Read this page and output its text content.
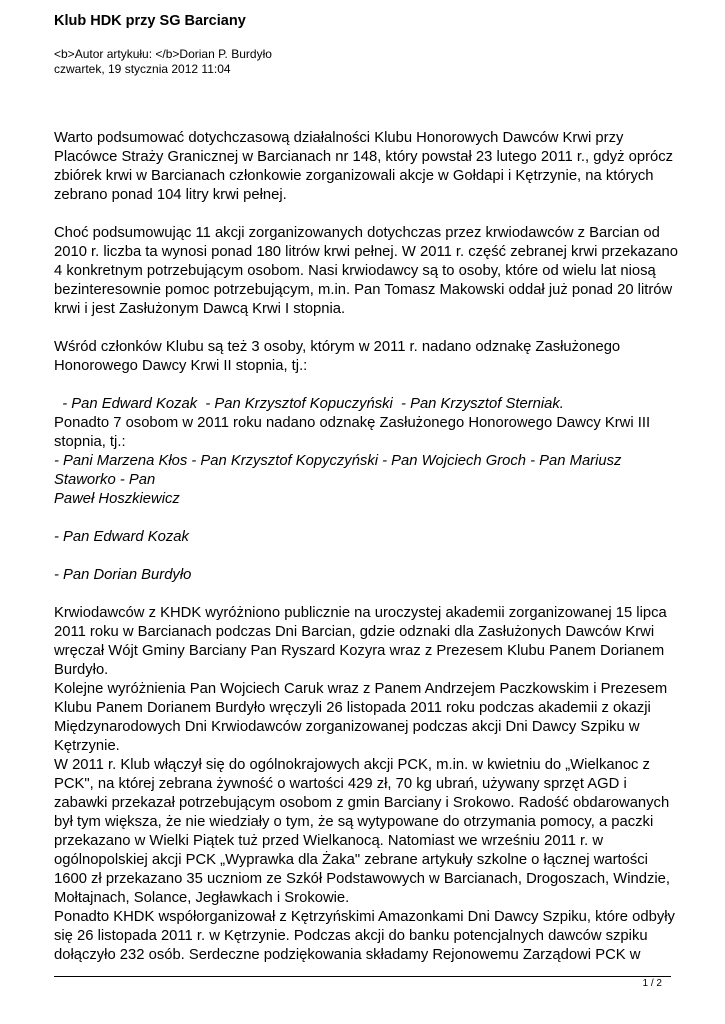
Klub HDK przy SG Barciany
<b>Autor artykułu: </b>Dorian P. Burdyło
czwartek, 19 stycznia 2012 11:04

Warto podsumować dotychczasową działalności Klubu Honorowych Dawców Krwi przy
Placówce Straży Granicznej w Barcianach nr 148, który powstał 23 lutego 2011 r., gdyż oprócz
zbiórek krwi w Barcianach członkowie zorganizowali akcje w Gołdapi i Kętrzynie, na których
zebrano ponad 104 litry krwi pełnej.

Choć podsumowując 11 akcji zorganizowanych dotychczas przez krwiodawców z Barcian od
2010 r. liczba ta wynosi ponad 180 litrów krwi pełnej. W 2011 r. część zebranej krwi przekazano
4 konkretnym potrzebującym osobom. Nasi krwiodawcy są to osoby, które od wielu lat niosą
bezinteresownie pomoc potrzebującym, m.in. Pan Tomasz Makowski oddał już ponad 20 litrów
krwi i jest Zasłużonym Dawcą Krwi I stopnia.

Wśród członków Klubu są też 3 osoby, którym w 2011 r. nadano odznakę Zasłużonego
Honorowego Dawcy Krwi II stopnia, tj.:

- Pan Edward Kozak  - Pan Krzysztof Kopuczyński  - Pan Krzysztof Sterniak.
Ponadto 7 osobom w 2011 roku nadano odznakę Zasłużonego Honorowego Dawcy Krwi III
stopnia, tj.:
- Pani Marzena Kłos - Pan Krzysztof Kopyczyński - Pan Wojciech Groch - Pan Mariusz
Staworko - Pan
Paweł Hoszkiewicz

- Pan Edward Kozak

- Pan Dorian Burdyło

Krwiodawców z KHDK wyróżniono publicznie na uroczystej akademii zorganizowanej 15 lipca
2011 roku w Barcianach podczas Dni Barcian, gdzie odznaki dla Zasłużonych Dawców Krwi
wręczał Wójt Gminy Barciany Pan Ryszard Kozyra wraz z Prezesem Klubu Panem Dorianem
Burdyło.
Kolejne wyróżnienia Pan Wojciech Caruk wraz z Panem Andrzejem Paczkowskim i Prezesem
Klubu Panem Dorianem Burdyło wręczyli 26 listopada 2011 roku podczas akademii z okazji
Międzynarodowych Dni Krwiodawców zorganizowanej podczas akcji Dni Dawcy Szpiku w
Kętrzynie.
W 2011 r. Klub włączył się do ogólnokrajowych akcji PCK, m.in. w kwietniu do „Wielkanoc z
PCK", na której zebrana żywność o wartości 429 zł, 70 kg ubrań, używany sprzęt AGD i
zabawki przekazał potrzebującym osobom z gmin Barciany i Srokowo. Radość obdarowanych
był tym większa, że nie wiedziały o tym, że są wytypowane do otrzymania pomocy, a paczki
przekazano w Wielki Piątek tuż przed Wielkanocą. Natomiast we wrześniu 2011 r. w
ogólnopolskiej akcji PCK „Wyprawka dla Żaka" zebrane artykuły szkolne o łącznej wartości
1600 zł przekazano 35 uczniom ze Szkół Podstawowych w Barcianach, Drogoszach, Windzie,
Mołtajnach, Solance, Jegławkach i Srokowie.
Ponadto KHDK współorganizował z Kętrzyńskimi Amazonkami Dni Dawcy Szpiku, które odbyły
się 26 listopada 2011 r. w Kętrzynie. Podczas akcji do banku potencjalnych dawców szpiku
dołączyło 232 osób. Serdeczne podziękowania składamy Rejonowemu Zarządowi PCK w

1 / 2
